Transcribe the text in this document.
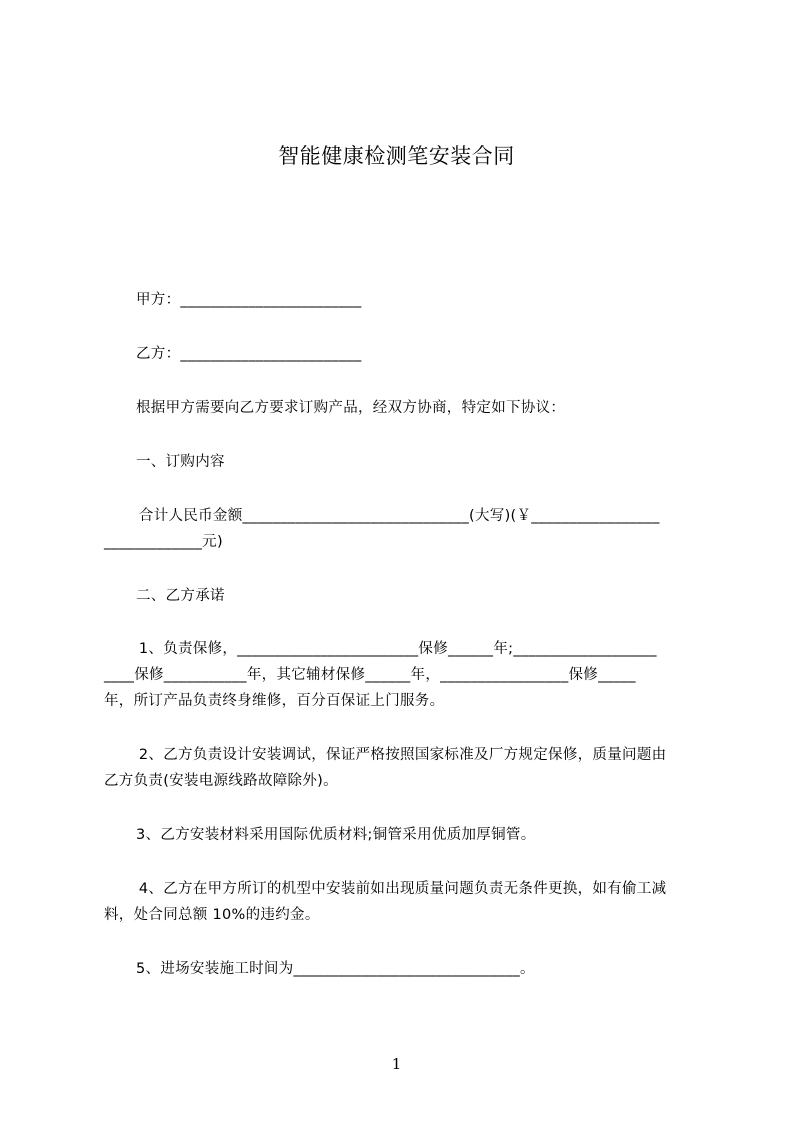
智能健康检测笔安装合同
甲方：________________________
乙方：________________________
根据甲方需要向乙方要求订购产品，经双方协商，特定如下协议：
一、订购内容
合计人民币金额______________________________(大写)(￥_________________
_____________元)
二、乙方承诺
1、负责保修，________________________保修______年;___________________
____保修___________年，其它辅材保修______年，_________________保修_____
年，所订产品负责终身维修，百分百保证上门服务。
2、乙方负责设计安装调试，保证严格按照国家标准及厂方规定保修，质量问题由
乙方负责(安装电源线路故障除外)。
3、乙方安装材料采用国际优质材料;铜管采用优质加厚铜管。
4、乙方在甲方所订的机型中安装前如出现质量问题负责无条件更换，如有偷工减
料，处合同总额 10%的违约金。
5、进场安装施工时间为______________________________。
1
